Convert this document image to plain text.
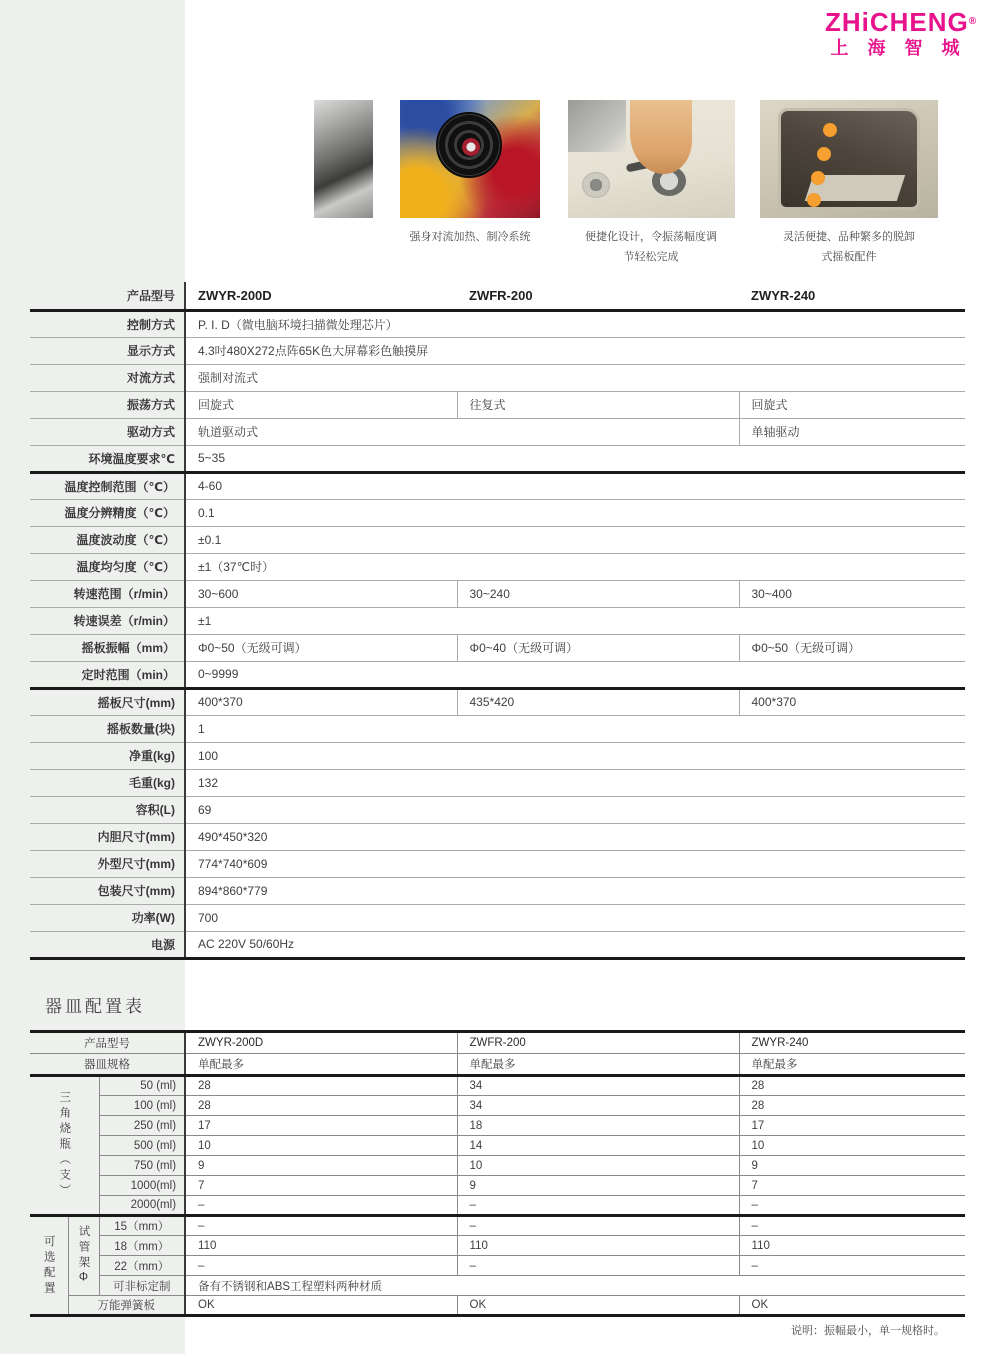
ZHiCHENG®
上海智城
强身对流加热、制冷系统	便捷化设计，令振荡幅度调
节轻松完成
灵活便捷、品种繁多的脱卸
式摇板配件
产品型号	ZWYR-200D	ZWFR-200	ZWYR-240
控制方式	P. I. D（微电脑环境扫描微处理芯片）		
显示方式	4.3吋480X272点阵65K色大屏幕彩色触摸屏		
对流方式	强制对流式		
振荡方式	回旋式	往复式	回旋式
驱动方式	轨道驱动式		单轴驱动
环境温度要求℃	5~35		
温度控制范围（℃）	4-60		
温度分辨精度（℃）	0.1		
温度波动度（℃）	±0.1		
温度均匀度（℃）	±1（37℃时）		
转速范围（r/min）	30~600	30~240	30~400
转速误差（r/min）	±1		
摇板振幅（mm）	Φ0~50（无级可调）	Φ0~40（无级可调）	Φ0~50（无级可调）
定时范围（min）	0~9999		
摇板尺寸(mm)	400*370	435*420	400*370
摇板数量(块)	1		
净重(kg)	100		
毛重(kg)	132		
容积(L)	69		
内胆尺寸(mm)	490*450*320		
外型尺寸(mm)	774*740*609		
包装尺寸(mm)	894*860*779		
功率(W)	700		
电源	AC 220V 50/60Hz		
器皿配置表
产品型号			ZWYR-200D	ZWFR-200	ZWYR-240
器皿规格			单配最多	单配最多	单配最多

三角烧瓶（支）		50 (ml)	28	34	28
		100 (ml)	28	34	28
		250 (ml)	17	18	17
		500 (ml)	10	14	10
		750 (ml)	9	10	9
		1000(ml)	7	9	7
		2000(ml)	–	–	–

可选配置	试管架Φ	15（mm）	–	–	–
		18（mm）	110	110	110
		22（mm）	–	–	–
		可非标定制	备有不锈钢和ABS工程塑料两种材质		
	万能弹簧板		OK	OK	OK
说明：振幅最小，单一规格时。
